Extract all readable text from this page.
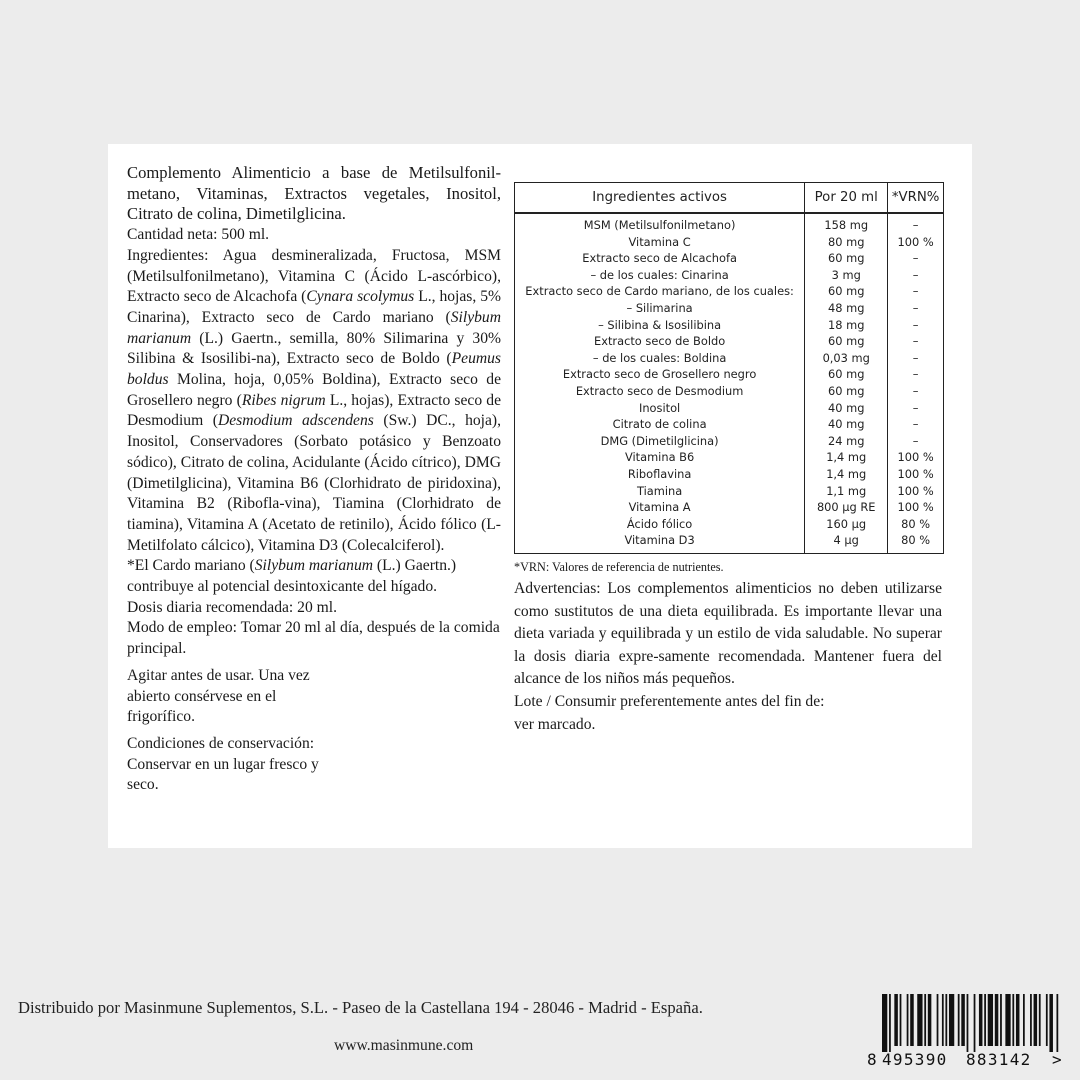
Complemento Alimenticio a base de Metilsulfonil-metano, Vitaminas, Extractos vegetales, Inositol, Citrato de colina, Dimetilglicina.

Cantidad neta: 500 ml.

Ingredientes: Agua desmineralizada, Fructosa, MSM (Metilsulfonilmetano), Vitamina C (Ácido L-ascórbico), Extracto seco de Alcachofa (Cynara scolymus L., hojas, 5% Cinarina), Extracto seco de Cardo mariano (Silybum marianum (L.) Gaertn., semilla, 80% Silimarina y 30% Silibina & Isosilibi-na), Extracto seco de Boldo (Peumus boldus Molina, hoja, 0,05% Boldina), Extracto seco de Grosellero negro (Ribes nigrum L., hojas), Extracto seco de Desmodium (Desmodium adscendens (Sw.) DC., hoja), Inositol, Conservadores (Sorbato potásico y Benzoato sódico), Citrato de colina, Acidulante (Ácido cítrico), DMG (Dimetilglicina), Vitamina B6 (Clorhidrato de piridoxina), Vitamina B2 (Ribofla-vina), Tiamina (Clorhidrato de tiamina), Vitamina A (Acetato de retinilo), Ácido fólico (L-Metilfolato cálcico), Vitamina D3 (Colecalciferol).

*El Cardo mariano (Silybum marianum (L.) Gaertn.) contribuye al potencial desintoxicante del hígado.

Dosis diaria recomendada: 20 ml.

Modo de empleo: Tomar 20 ml al día, después de la comida principal.

Agitar antes de usar. Una vez
abierto consérvese en el
frigorífico.

Condiciones de conservación:
Conservar en un lugar fresco y
seco.

Ingredientes activos	Por 20 ml	*VRN%
MSM (Metilsulfonilmetano)	158 mg	–
Vitamina C	80 mg	100 %
Extracto seco de Alcachofa	60 mg	–
– de los cuales: Cinarina	3 mg	–
Extracto seco de Cardo mariano, de los cuales:	60 mg	–
– Silimarina	48 mg	–
– Silibina & Isosilibina	18 mg	–
Extracto seco de Boldo	60 mg	–
– de los cuales: Boldina	0,03 mg	–
Extracto seco de Grosellero negro	60 mg	–
Extracto seco de Desmodium	60 mg	–
Inositol	40 mg	–
Citrato de colina	40 mg	–
DMG (Dimetilglicina)	24 mg	–
Vitamina B6	1,4 mg	100 %
Riboflavina	1,4 mg	100 %
Tiamina	1,1 mg	100 %
Vitamina A	800 µg RE	100 %
Ácido fólico	160 µg	80 %
Vitamina D3	4 µg	80 %

*VRN: Valores de referencia de nutrientes.

Advertencias: Los complementos alimenticios no deben utilizarse como sustitutos de una dieta equilibrada. Es importante llevar una dieta variada y equilibrada y un estilo de vida saludable. No superar la dosis diaria expre-samente recomendada. Mantener fuera del alcance de los niños más pequeños.

Lote / Consumir preferentemente antes del fin de:

ver marcado.

Distribuido por Masinmune Suplementos, S.L. - Paseo de la Castellana 194 - 28046 - Madrid - España.
www.masinmune.com
8 495390 883142 >
